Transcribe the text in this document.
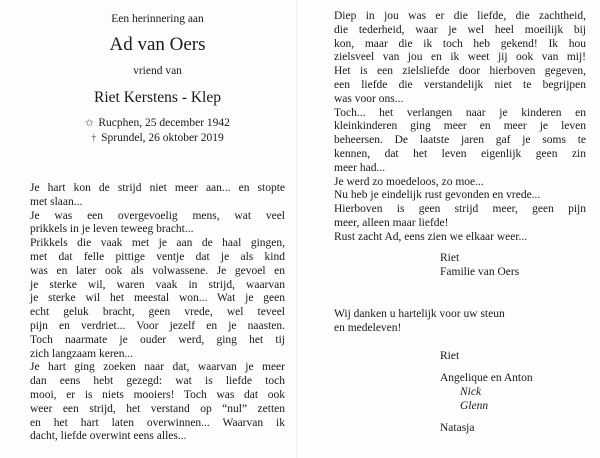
Een herinnering aan
Ad van Oers
vriend van
Riet Kerstens - Klep
✩ Rucphen, 25 december 1942
† Sprundel, 26 oktober 2019
Je hart kon de strijd niet meer aan... en stopte
met slaan...
Je was een overgevoelig mens, wat veel
prikkels in je leven teweeg bracht...
Prikkels die vaak met je aan de haal gingen,
met dat felle pittige ventje dat je als kind
was en later ook als volwassene. Je gevoel en
je sterke wil, waren vaak in strijd, waarvan
je sterke wil het meestal won... Wat je geen
echt geluk bracht, geen vrede, wel teveel
pijn en verdriet... Voor jezelf en je naasten.
Toch naarmate je ouder werd, ging het tij
zich langzaam keren...
Je hart ging zoeken naar dat, waarvan je meer
dan eens hebt gezegd: wat is liefde toch
mooi, er is niets mooiers! Toch was dat ook
weer een strijd, het verstand op “nul” zetten
en het hart laten overwinnen... Waarvan ik
dacht, liefde overwint eens alles...
Diep in jou was er die liefde, die zachtheid,
die tederheid, waar je wel heel moeilijk bij
kon, maar die ik toch heb gekend! Ik hou
zielsveel van jou en ik weet jij ook van mij!
Het is een zielsliefde door hierboven gegeven,
een liefde die verstandelijk niet te begrijpen
was voor ons...
Toch... het verlangen naar je kinderen en
kleinkinderen ging meer en meer je leven
beheersen. De laatste jaren gaf je soms te
kennen, dat het leven eigenlijk geen zin
meer had...
Je werd zo moedeloos, zo moe...
Nu heb je eindelijk rust gevonden en vrede...
Hierboven is geen strijd meer, geen pijn
meer, alleen maar liefde!
Rust zacht Ad, eens zien we elkaar weer...
Riet
Familie van Oers
Wij danken u hartelijk voor uw steun
en medeleven!
Riet
Angelique en Anton
Nick
Glenn
Natasja
